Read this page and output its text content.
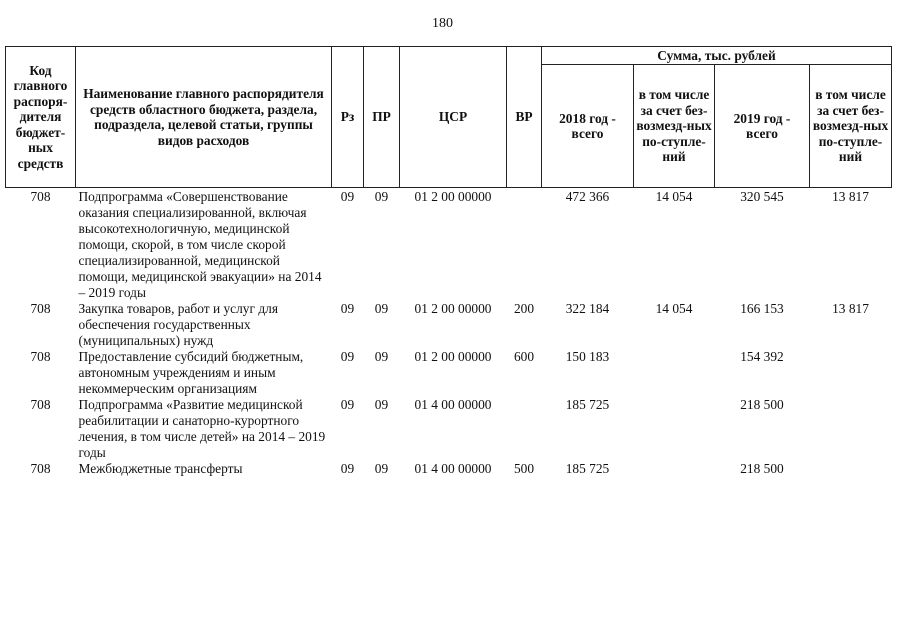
180
Код главного распоря-дителя бюджет-ных средств	Наименование главного распорядителя средств областного бюджета, раздела, подраздела, целевой статьи, группы видов расходов	Рз	ПР	ЦСР	ВР	Сумма, тыс. рублей			
						2018 год - всего	в том числе за счет без-возмезд-ных по-ступле-ний	2019 год - всего	в том числе за счет без-возмезд-ных по-ступле-ний
708	Подпрограмма «Совершенствование оказания специализированной, включая высокотехнологичную, медицинской помощи, скорой, в том числе скорой специализированной, медицинской помощи, медицинской эвакуации» на 2014 – 2019 годы	09	09	01 2 00 00000		472 366	14 054	320 545	13 817
708	Закупка товаров, работ и услуг для обеспечения государственных (муниципальных) нужд	09	09	01 2 00 00000	200	322 184	14 054	166 153	13 817
708	Предоставление субсидий бюджетным, автономным учреждениям и иным некоммерческим организациям	09	09	01 2 00 00000	600	150 183		154 392	
708	Подпрограмма «Развитие медицинской реабилитации и санаторно-курортного лечения, в том числе детей» на 2014 – 2019 годы	09	09	01 4 00 00000		185 725		218 500	
708	Межбюджетные трансферты	09	09	01 4 00 00000	500	185 725		218 500	
